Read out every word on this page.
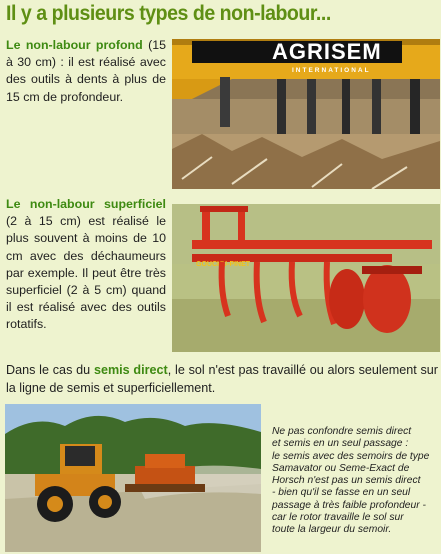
Il y a plusieurs types de non-labour...
Le non-labour profond (15 à 30 cm) : il est réalisé avec des outils à dents à plus de 15 cm de profondeur.
Le non-labour superficiel (2 à 15 cm) est réalisé le plus souvent à moins de 10 cm avec des déchaumeurs par exemple. Il peut être très superficiel (2 à 5 cm) quand il est réalisé avec des outils rotatifs.
Dans le cas du semis direct, le sol n'est pas travaillé ou alors seulement sur la ligne de semis et superficiellement.
AGRISEM
INTERNATIONAL
GOUCHU-PINET
Ne pas confondre semis direct
et semis en un seul passage :
le semis avec des semoirs de type
Samavator ou Seme-Exact de
Horsch n'est pas un semis direct
- bien qu'il se fasse en un seul
passage à très faible profondeur -
car le rotor travaille le sol sur
toute la largeur du semoir.
